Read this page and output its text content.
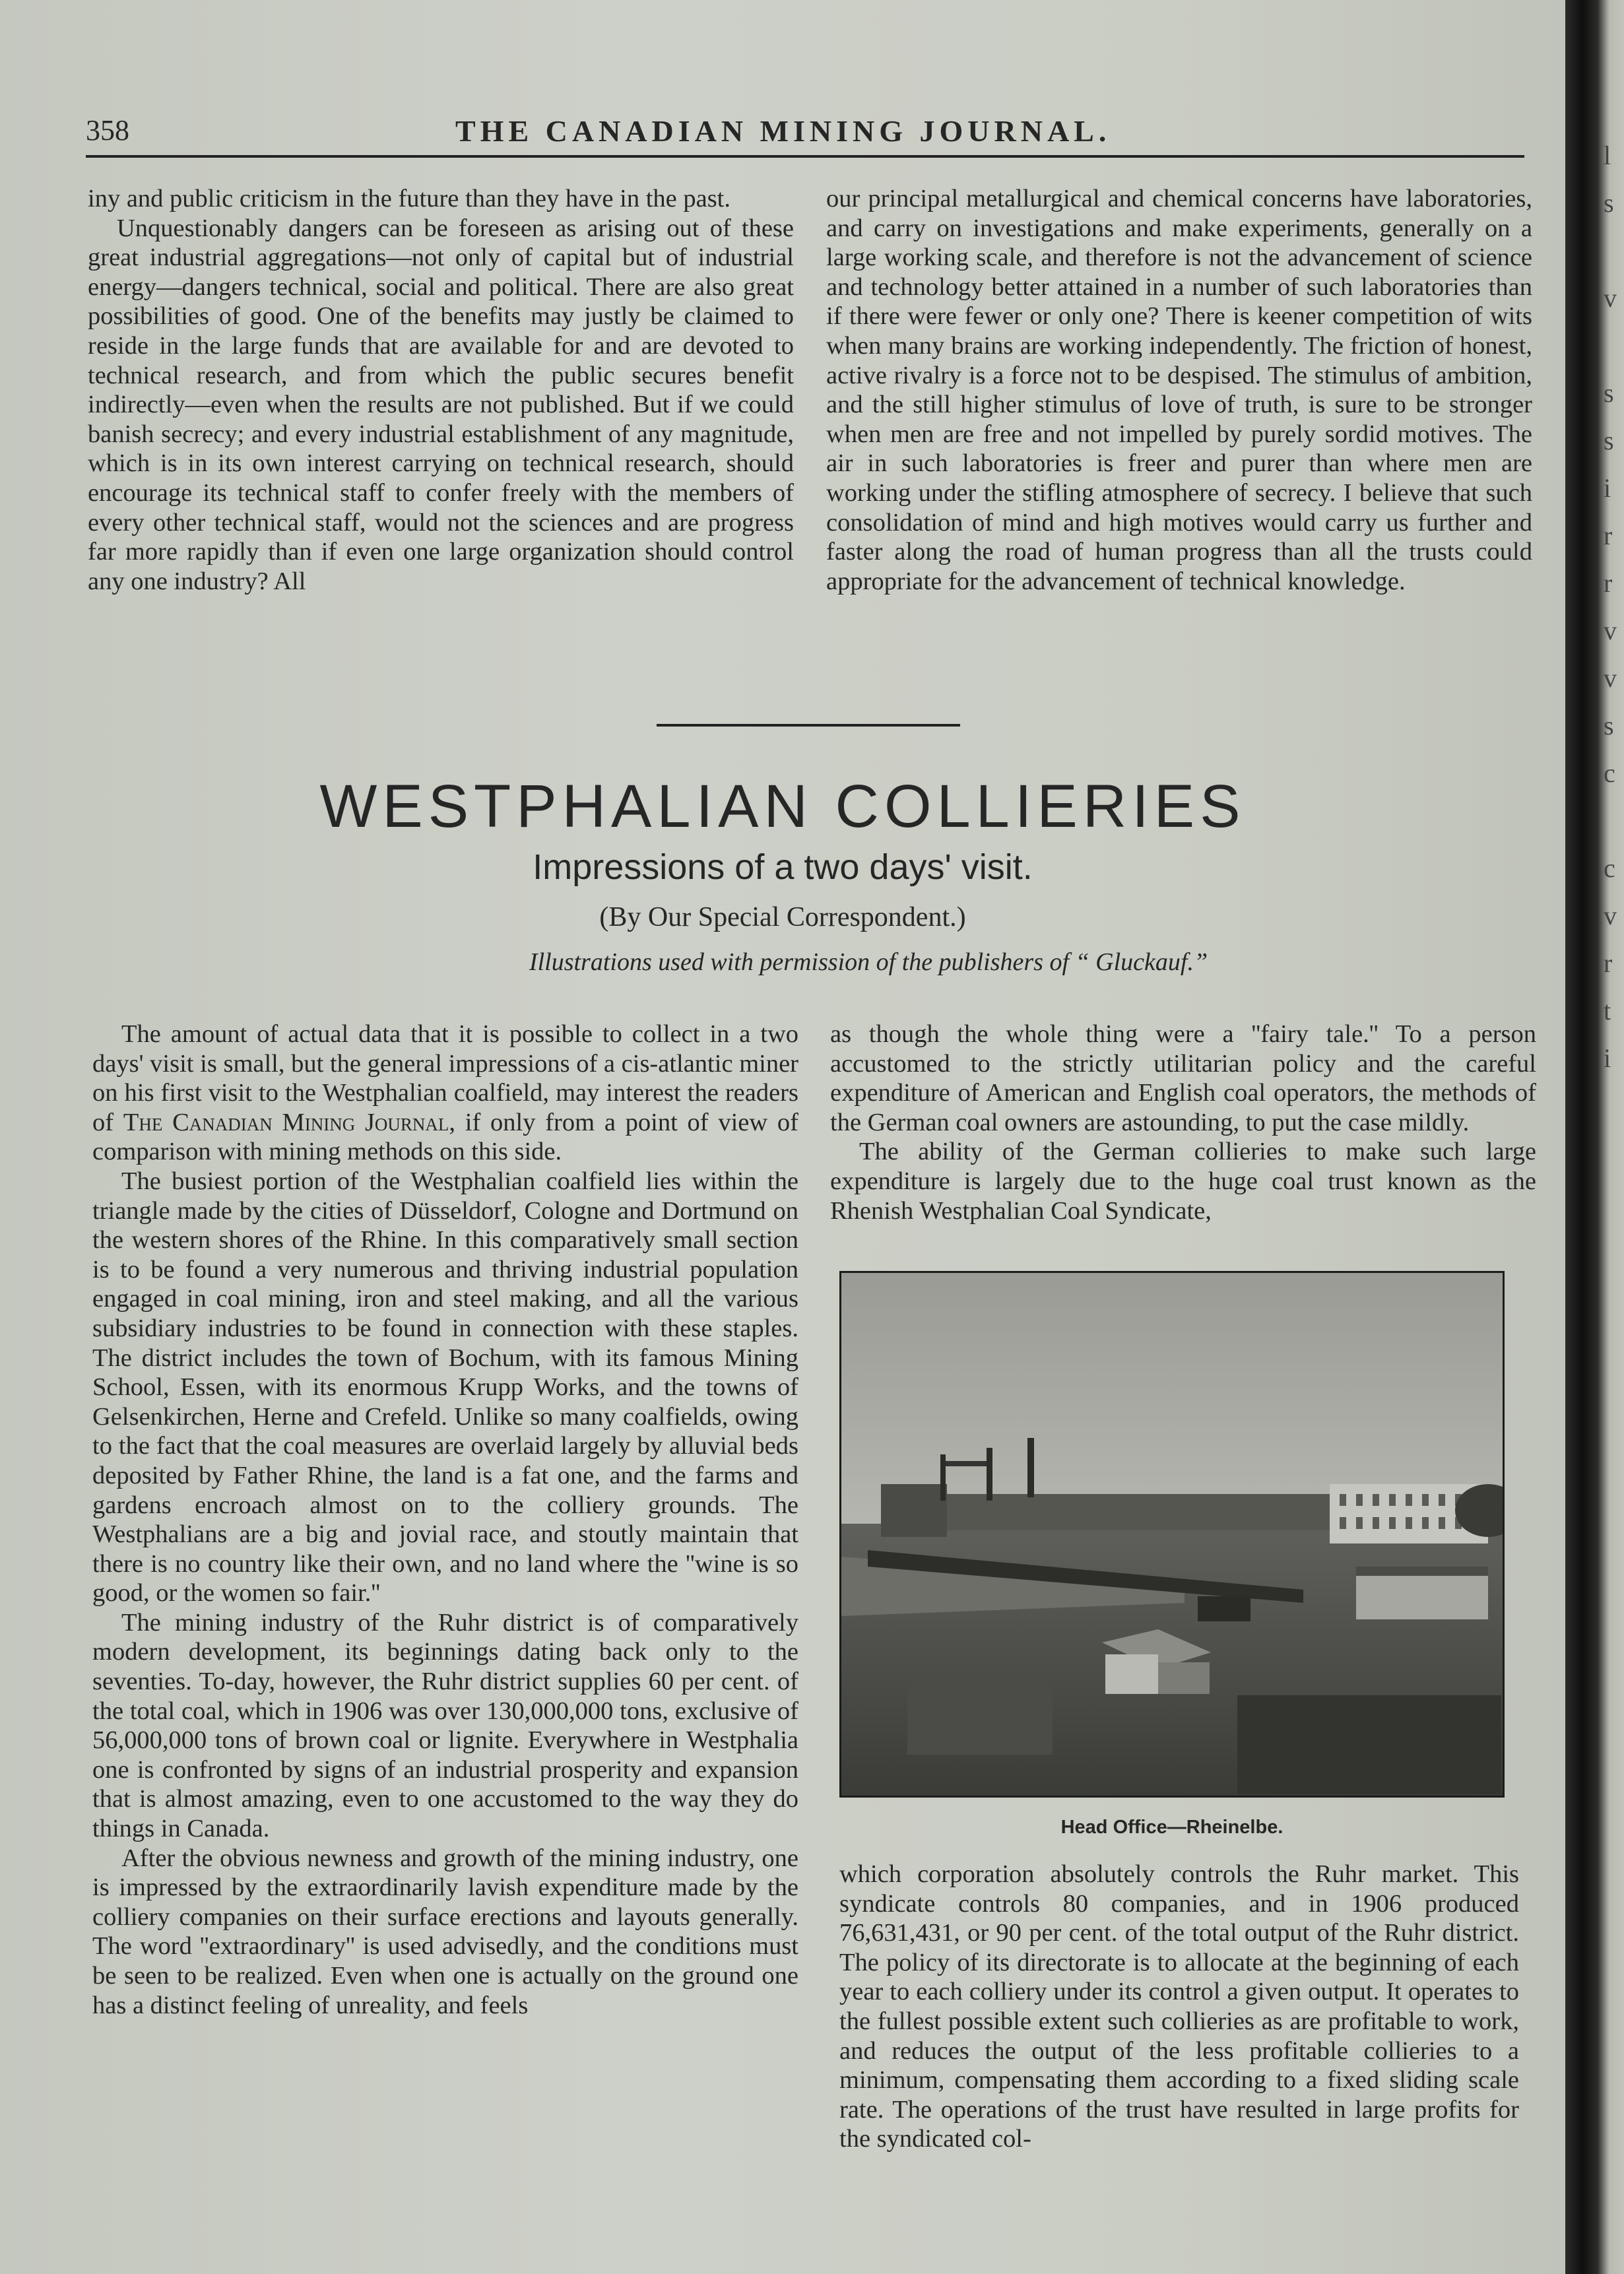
l
s

v

s
s
i
r
r
v
v
s
c

c
v
r
t
i
358	THE CANADIAN MINING JOURNAL.

iny and public criticism in the future than they have in the past.

Unquestionably dangers can be foreseen as arising out of these great industrial aggregations—not only of capital but of industrial energy—dangers technical, social and political. There are also great possibilities of good. One of the benefits may justly be claimed to reside in the large funds that are available for and are devoted to technical research, and from which the public secures benefit indirectly—even when the results are not published. But if we could banish secrecy; and every industrial establishment of any magnitude, which is in its own interest carrying on technical research, should encourage its technical staff to confer freely with the members of every other technical staff, would not the sciences and are progress far more rapidly than if even one large organization should control any one industry? All

our principal metallurgical and chemical concerns have laboratories, and carry on investigations and make experiments, generally on a large working scale, and therefore is not the advancement of science and technology better attained in a number of such laboratories than if there were fewer or only one? There is keener competition of wits when many brains are working independently. The friction of honest, active rivalry is a force not to be despised. The stimulus of ambition, and the still higher stimulus of love of truth, is sure to be stronger when men are free and not impelled by purely sordid motives. The air in such laboratories is freer and purer than where men are working under the stifling atmosphere of secrecy. I believe that such consolidation of mind and high motives would carry us further and faster along the road of human progress than all the trusts could appropriate for the advancement of technical knowledge.

WESTPHALIAN COLLIERIES
Impressions of a two days' visit.
(By Our Special Correspondent.)
Illustrations used with permission of the publishers of “ Gluckauf.”

The amount of actual data that it is possible to collect in a two days' visit is small, but the general impressions of a cis-atlantic miner on his first visit to the Westphalian coalfield, may interest the readers of The Canadian Mining Journal, if only from a point of view of comparison with mining methods on this side.

The busiest portion of the Westphalian coalfield lies within the triangle made by the cities of Düsseldorf, Cologne and Dortmund on the western shores of the Rhine. In this comparatively small section is to be found a very numerous and thriving industrial population engaged in coal mining, iron and steel making, and all the various subsidiary industries to be found in connection with these staples. The district includes the town of Bochum, with its famous Mining School, Essen, with its enormous Krupp Works, and the towns of Gelsenkirchen, Herne and Crefeld. Unlike so many coalfields, owing to the fact that the coal measures are overlaid largely by alluvial beds deposited by Father Rhine, the land is a fat one, and the farms and gardens encroach almost on to the colliery grounds. The Westphalians are a big and jovial race, and stoutly maintain that there is no country like their own, and no land where the ''wine is so good, or the women so fair.''

The mining industry of the Ruhr district is of comparatively modern development, its beginnings dating back only to the seventies. To-day, however, the Ruhr district supplies 60 per cent. of the total coal, which in 1906 was over 130,000,000 tons, exclusive of 56,000,000 tons of brown coal or lignite. Everywhere in Westphalia one is confronted by signs of an industrial prosperity and expansion that is almost amazing, even to one accustomed to the way they do things in Canada.

After the obvious newness and growth of the mining industry, one is impressed by the extraordinarily lavish expenditure made by the colliery companies on their surface erections and layouts generally. The word ''extraordinary'' is used advisedly, and the conditions must be seen to be realized. Even when one is actually on the ground one has a distinct feeling of unreality, and feels

as though the whole thing were a ''fairy tale.'' To a person accustomed to the strictly utilitarian policy and the careful expenditure of American and English coal operators, the methods of the German coal owners are astounding, to put the case mildly.

The ability of the German collieries to make such large expenditure is largely due to the huge coal trust known as the Rhenish Westphalian Coal Syndicate,

Head Office—Rheinelbe.

which corporation absolutely controls the Ruhr market. This syndicate controls 80 companies, and in 1906 produced 76,631,431, or 90 per cent. of the total output of the Ruhr district. The policy of its directorate is to allocate at the beginning of each year to each colliery under its control a given output. It operates to the fullest possible extent such collieries as are profitable to work, and reduces the output of the less profitable collieries to a minimum, compensating them according to a fixed sliding scale rate. The operations of the trust have resulted in large profits for the syndicated col-
